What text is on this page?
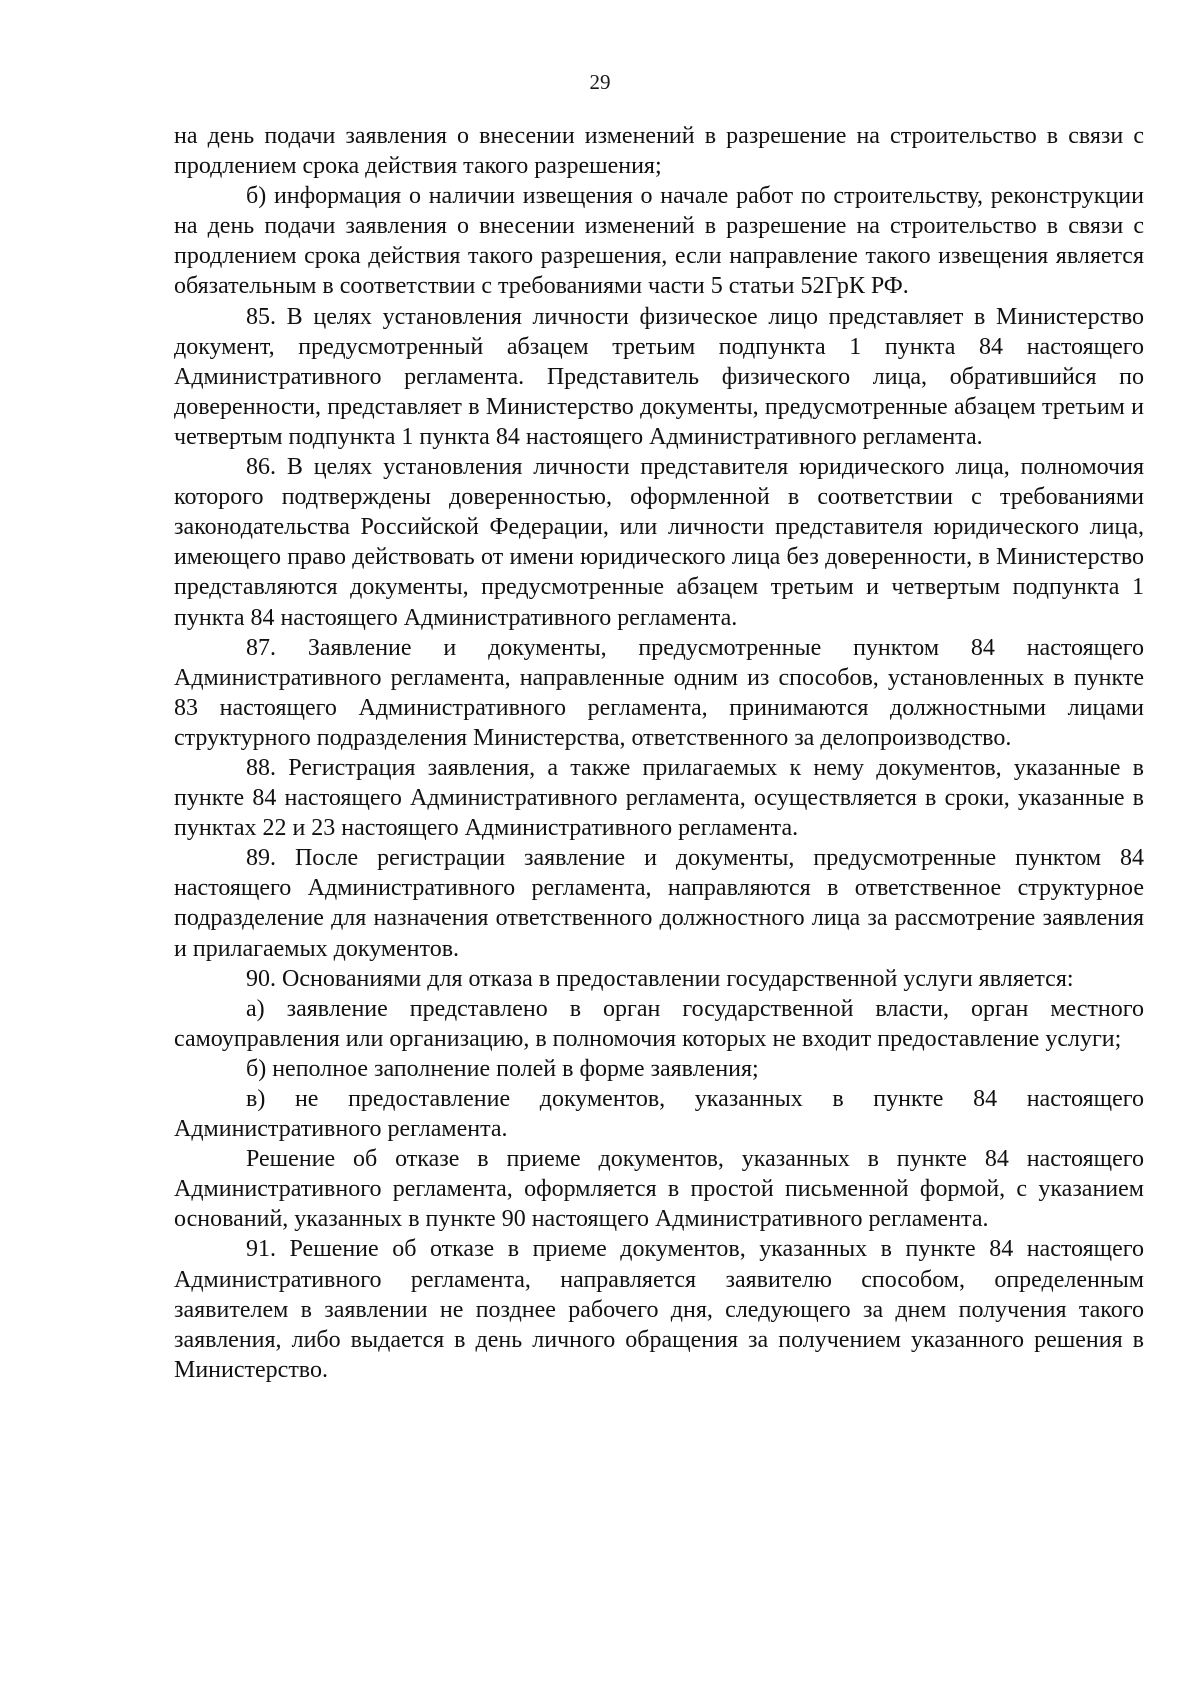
29

на день подачи заявления о внесении изменений в разрешение на строительство в связи с продлением срока действия такого разрешения;

б) информация о наличии извещения о начале работ по строительству, реконструкции на день подачи заявления о внесении изменений в разрешение на строительство в связи с продлением срока действия такого разрешения, если направление такого извещения является обязательным в соответствии с требованиями части 5 статьи 52ГрК РФ.

85. В целях установления личности физическое лицо представляет в Министерство документ, предусмотренный абзацем третьим подпункта 1 пункта 84 настоящего Административного регламента. Представитель физического лица, обратившийся по доверенности, представляет в Министерство документы, предусмотренные абзацем третьим и четвертым подпункта 1 пункта 84 настоящего Административного регламента.

86. В целях установления личности представителя юридического лица, полномочия которого подтверждены доверенностью, оформленной в соответствии с требованиями законодательства Российской Федерации, или личности представителя юридического лица, имеющего право действовать от имени юридического лица без доверенности, в Министерство представляются документы, предусмотренные абзацем третьим и четвертым подпункта 1 пункта 84 настоящего Административного регламента.

87. Заявление и документы, предусмотренные пунктом 84 настоящего Административного регламента, направленные одним из способов, установленных в пункте 83 настоящего Административного регламента, принимаются должностными лицами структурного подразделения Министерства, ответственного за делопроизводство.

88. Регистрация заявления, а также прилагаемых к нему документов, указанные в пункте 84 настоящего Административного регламента, осуществляется в сроки, указанные в пунктах 22 и 23 настоящего Административного регламента.

89. После регистрации заявление и документы, предусмотренные пунктом 84 настоящего Административного регламента, направляются в ответственное структурное подразделение для назначения ответственного должностного лица за рассмотрение заявления и прилагаемых документов.

90. Основаниями для отказа в предоставлении государственной услуги является:

а) заявление представлено в орган государственной власти, орган местного самоуправления или организацию, в полномочия которых не входит предоставление услуги;

б) неполное заполнение полей в форме заявления;

в) не предоставление документов, указанных в пункте 84 настоящего Административного регламента.

Решение об отказе в приеме документов, указанных в пункте 84 настоящего Административного регламента, оформляется в простой письменной формой, с указанием оснований, указанных в пункте 90 настоящего Административного регламента.

91. Решение об отказе в приеме документов, указанных в пункте 84 настоящего Административного регламента, направляется заявителю способом, определенным заявителем в заявлении не позднее рабочего дня, следующего за днем получения такого заявления, либо выдается в день личного обращения за получением указанного решения в Министерство.
